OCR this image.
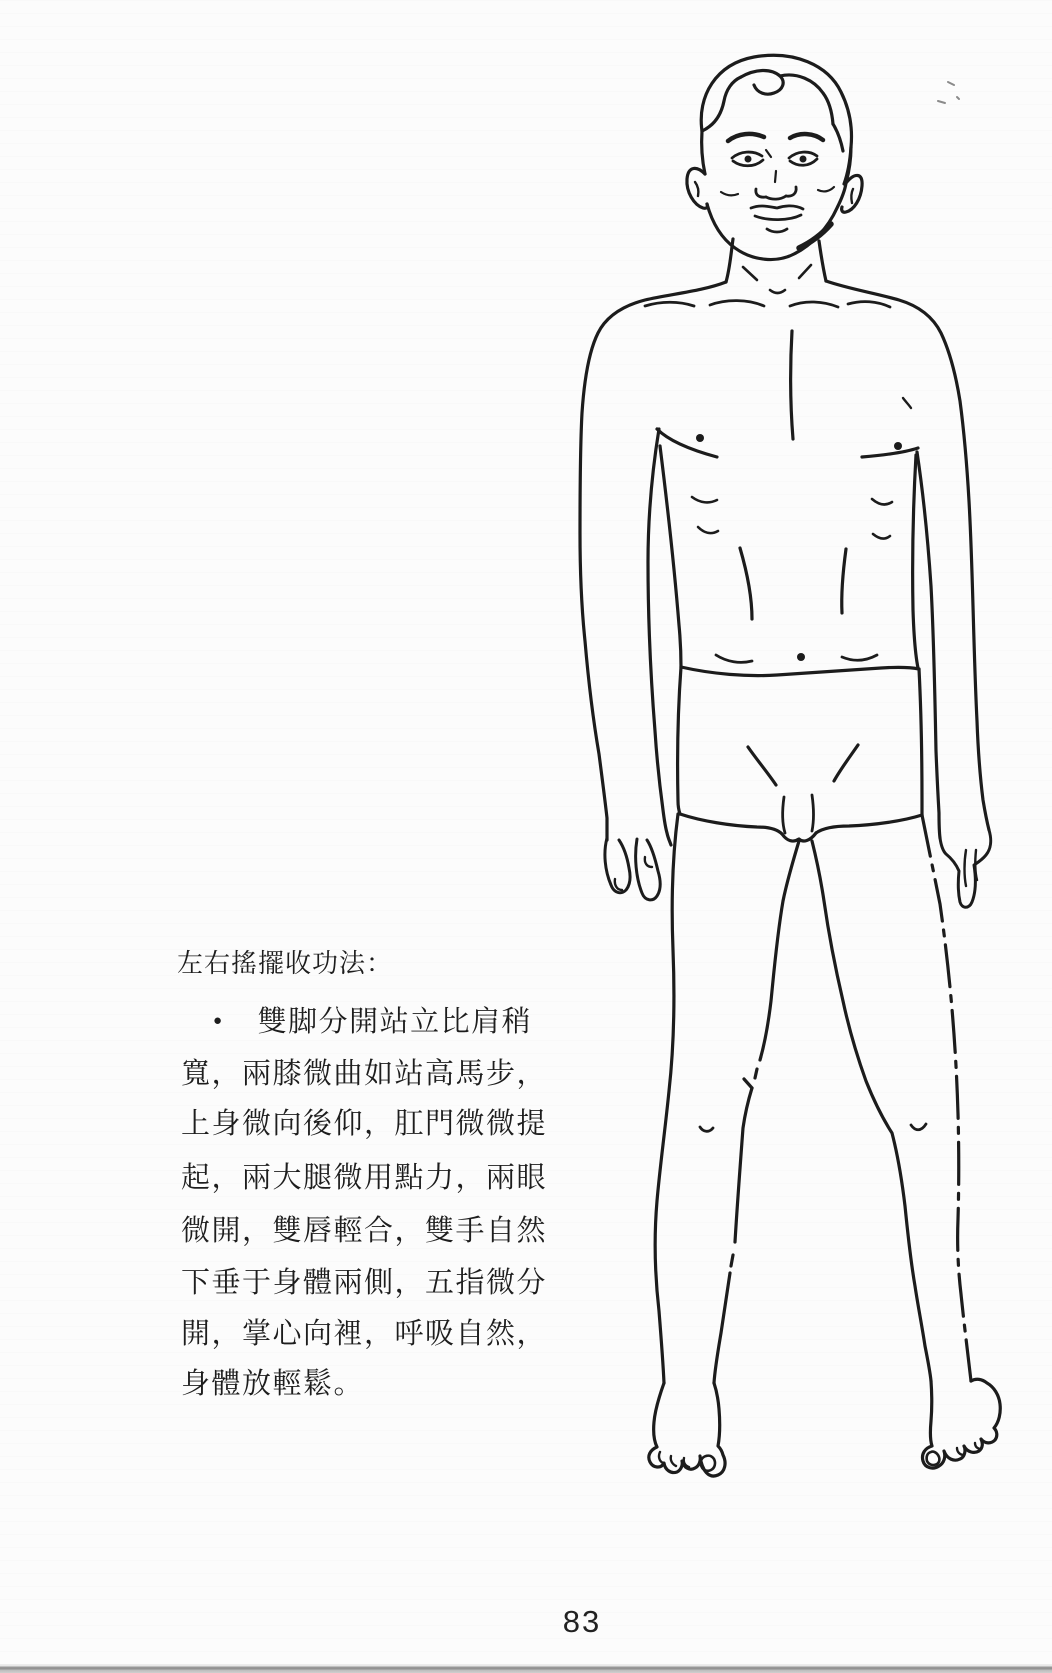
左右搖擺收功法：
● 雙脚分開站立比肩稍
寬，兩膝微曲如站高馬步，
上身微向後仰，肛門微微提
起，兩大腿微用點力，兩眼
微開，雙唇輕合，雙手自然
下垂于身體兩側，五指微分
開，掌心向裡，呼吸自然，
身體放輕鬆。
83
